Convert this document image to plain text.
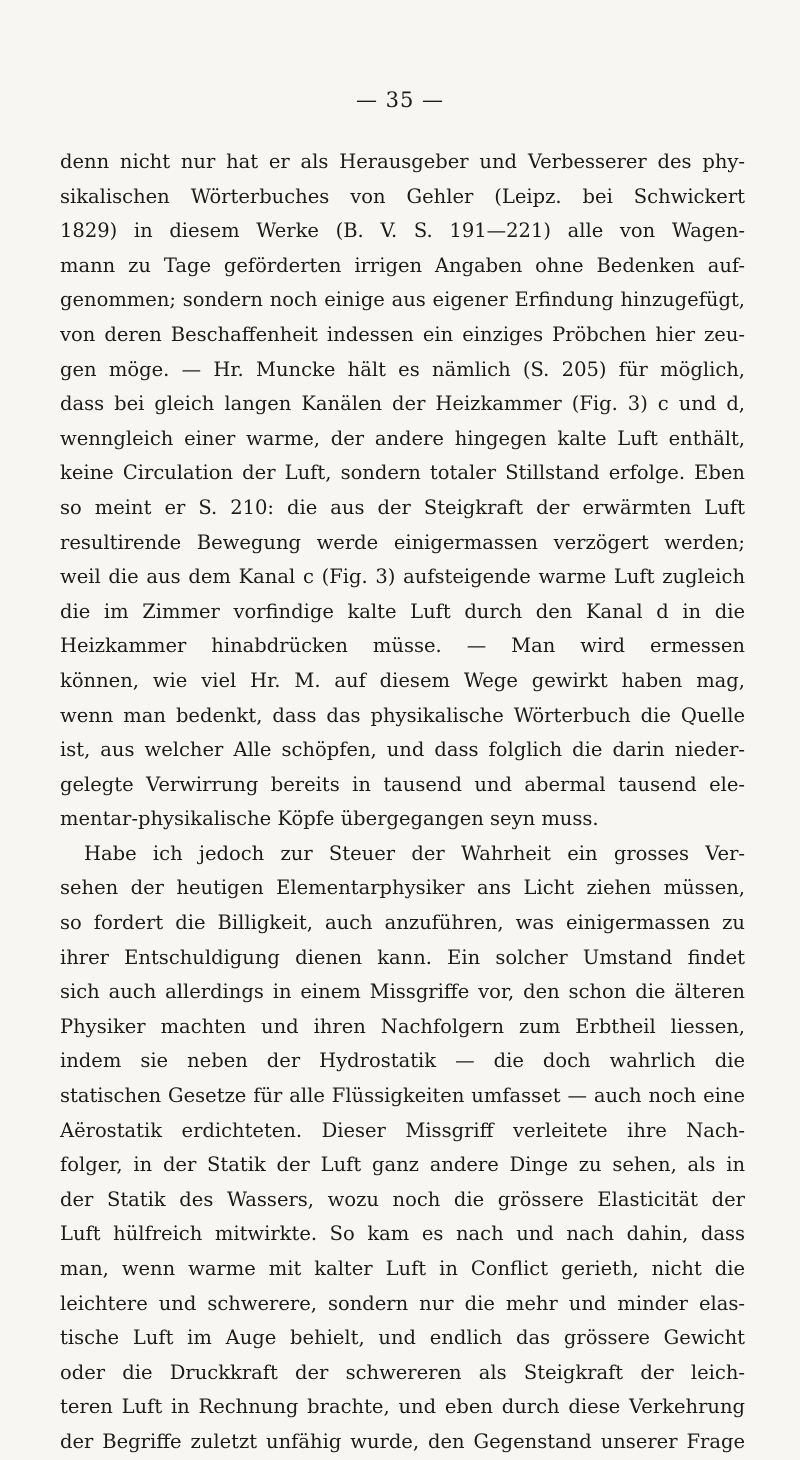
— 35 —
denn nicht nur hat er als Herausgeber und Verbesserer des phy-
sikalischen Wörterbuches von Gehler (Leipz. bei Schwickert
1829) in diesem Werke (B. V. S. 191—221) alle von Wagen-
mann zu Tage geförderten irrigen Angaben ohne Bedenken auf-
genommen; sondern noch einige aus eigener Erfindung hinzugefügt,
von deren Beschaffenheit indessen ein einziges Pröbchen hier zeu-
gen möge. — Hr. Muncke hält es nämlich (S. 205) für möglich,
dass bei gleich langen Kanälen der Heizkammer (Fig. 3) c und d,
wenngleich einer warme, der andere hingegen kalte Luft enthält,
keine Circulation der Luft, sondern totaler Stillstand erfolge. Eben
so meint er S. 210: die aus der Steigkraft der erwärmten Luft
resultirende Bewegung werde einigermassen verzögert werden;
weil die aus dem Kanal c (Fig. 3) aufsteigende warme Luft zugleich
die im Zimmer vorfindige kalte Luft durch den Kanal d in die
Heizkammer hinabdrücken müsse. — Man wird ermessen
können, wie viel Hr. M. auf diesem Wege gewirkt haben mag,
wenn man bedenkt, dass das physikalische Wörterbuch die Quelle
ist, aus welcher Alle schöpfen, und dass folglich die darin nieder-
gelegte Verwirrung bereits in tausend und abermal tausend ele-
mentar-physikalische Köpfe übergegangen seyn muss.
Habe ich jedoch zur Steuer der Wahrheit ein grosses Ver-
sehen der heutigen Elementarphysiker ans Licht ziehen müssen,
so fordert die Billigkeit, auch anzuführen, was einigermassen zu
ihrer Entschuldigung dienen kann. Ein solcher Umstand findet
sich auch allerdings in einem Missgriffe vor, den schon die älteren
Physiker machten und ihren Nachfolgern zum Erbtheil liessen,
indem sie neben der Hydrostatik — die doch wahrlich die
statischen Gesetze für alle Flüssigkeiten umfasset — auch noch eine
Aërostatik erdichteten. Dieser Missgriff verleitete ihre Nach-
folger, in der Statik der Luft ganz andere Dinge zu sehen, als in
der Statik des Wassers, wozu noch die grössere Elasticität der
Luft hülfreich mitwirkte. So kam es nach und nach dahin, dass
man, wenn warme mit kalter Luft in Conflict gerieth, nicht die
leichtere und schwerere, sondern nur die mehr und minder elas-
tische Luft im Auge behielt, und endlich das grössere Gewicht
oder die Druckkraft der schwereren als Steigkraft der leich-
teren Luft in Rechnung brachte, und eben durch diese Verkehrung
der Begriffe zuletzt unfähig wurde, den Gegenstand unserer Frage
